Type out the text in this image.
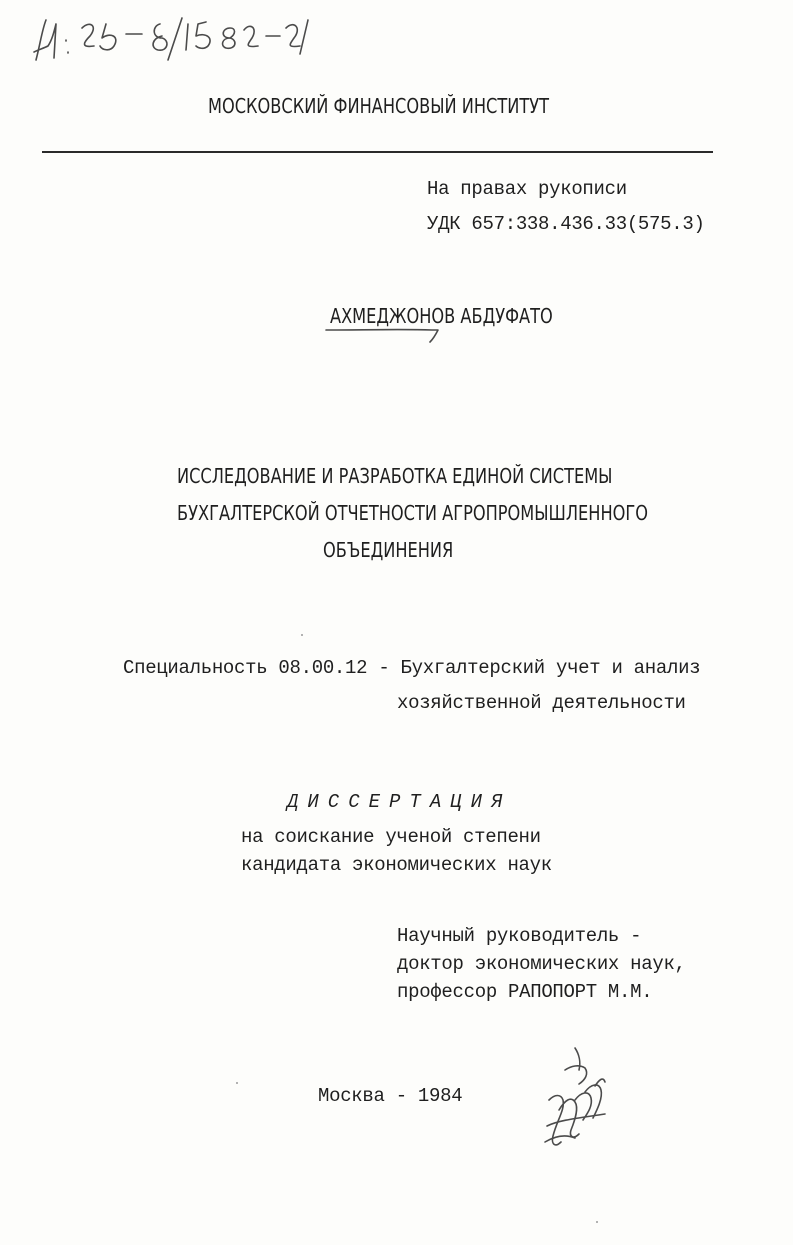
МОСКОВСКИЙ ФИНАНСОВЫЙ ИНСТИТУТ
На правах рукописи
УДК 657:338.436.33(575.3)
АХМЕДЖОНОВ АБДУФАТО
ИССЛЕДОВАНИЕ И РАЗРАБОТКА ЕДИНОЙ СИСТЕМЫ
БУХГАЛТЕРСКОЙ ОТЧЕТНОСТИ АГРОПРОМЫШЛЕННОГО
ОБЪЕДИНЕНИЯ
Специальность 08.00.12 - Бухгалтерский учет и анализ
хозяйственной деятельности
ДИССЕРТАЦИЯ
на соискание ученой степени
кандидата экономических наук
Научный руководитель -
доктор экономических наук,
профессор РАПОПОРТ М.М.
Москва - 1984
